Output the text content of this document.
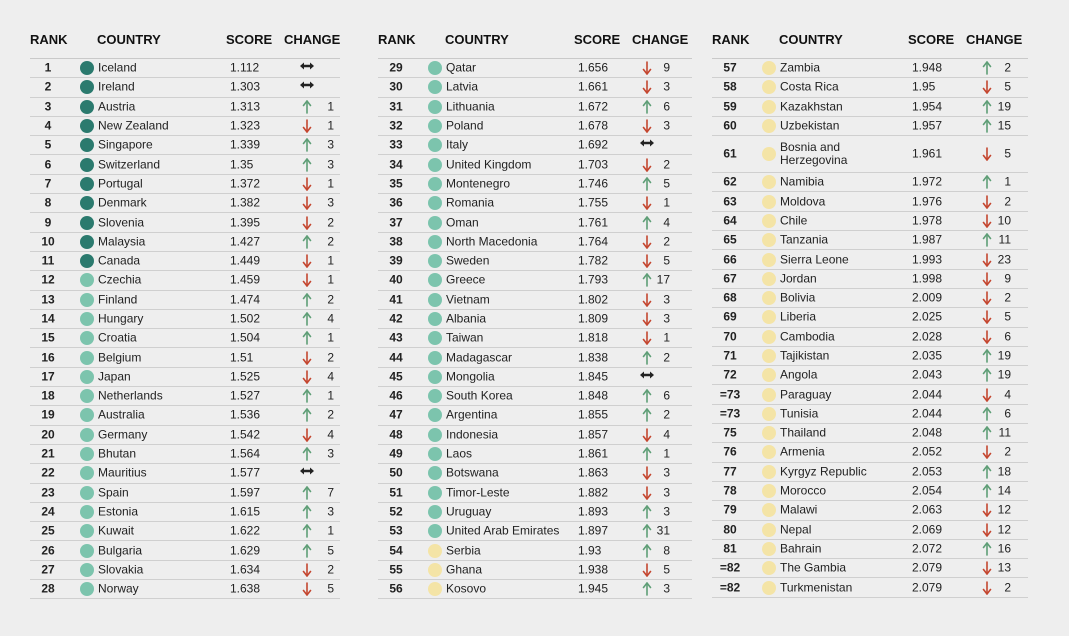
RANK COUNTRY	SCORE CHANGE
1	Iceland	1.112
2	Ireland	1.303
3	Austria	1.313	1
4	New Zealand	1.323	1
5	Singapore	1.339	3
6	Switzerland	1.35	3
7	Portugal	1.372	1
8	Denmark	1.382	3
9	Slovenia	1.395	2
10	Malaysia	1.427	2
11	Canada	1.449	1
12	Czechia	1.459	1
13	Finland	1.474	2
14	Hungary	1.502	4
15	Croatia	1.504	1
16	Belgium	1.51	2
17	Japan	1.525	4
18	Netherlands	1.527	1
19	Australia	1.536	2
20	Germany	1.542	4
21	Bhutan	1.564	3
22	Mauritius	1.577
23	Spain	1.597	7
24	Estonia	1.615	3
25	Kuwait	1.622	1
26	Bulgaria	1.629	5
27	Slovakia	1.634	2
28	Norway	1.638	5
RANK COUNTRY	SCORE CHANGE
29	Qatar	1.656	9
30	Latvia	1.661	3
31	Lithuania	1.672	6
32	Poland	1.678	3
33	Italy	1.692
34	United Kingdom	1.703	2
35	Montenegro	1.746	5
36	Romania	1.755	1
37	Oman	1.761	4
38	North Macedonia	1.764	2
39	Sweden	1.782	5
40	Greece	1.793	17
41	Vietnam	1.802	3
42	Albania	1.809	3
43	Taiwan	1.818	1
44	Madagascar	1.838	2
45	Mongolia	1.845
46	South Korea	1.848	6
47	Argentina	1.855	2
48	Indonesia	1.857	4
49	Laos	1.861	1
50	Botswana	1.863	3
51	Timor-Leste	1.882	3
52	Uruguay	1.893	3
53	United Arab Emirates 1.897	31
54	Serbia	1.93	8
55	Ghana	1.938	5
56	Kosovo	1.945	3
RANK COUNTRY	SCORE CHANGE
57	Zambia	1.948	2
58	Costa Rica	1.95	5
59	Kazakhstan	1.954	19
60	Uzbekistan	1.957	15
61	Bosnia and Herzegovina	1.961	5
62	Namibia	1.972	1
63	Moldova	1.976	2
64	Chile	1.978	10
65	Tanzania	1.987	11
66	Sierra Leone	1.993	23
67	Jordan	1.998	9
68	Bolivia	2.009	2
69	Liberia	2.025	5
70	Cambodia	2.028	6
71	Tajikistan	2.035	19
72	Angola	2.043	19
=73	Paraguay	2.044	4
=73	Tunisia	2.044	6
75	Thailand	2.048	11
76	Armenia	2.052	2
77	Kyrgyz Republic	2.053	18
78	Morocco	2.054	14
79	Malawi	2.063	12
80	Nepal	2.069	12
81	Bahrain	2.072	16
=82	The Gambia	2.079	13
=82	Turkmenistan	2.079	2
